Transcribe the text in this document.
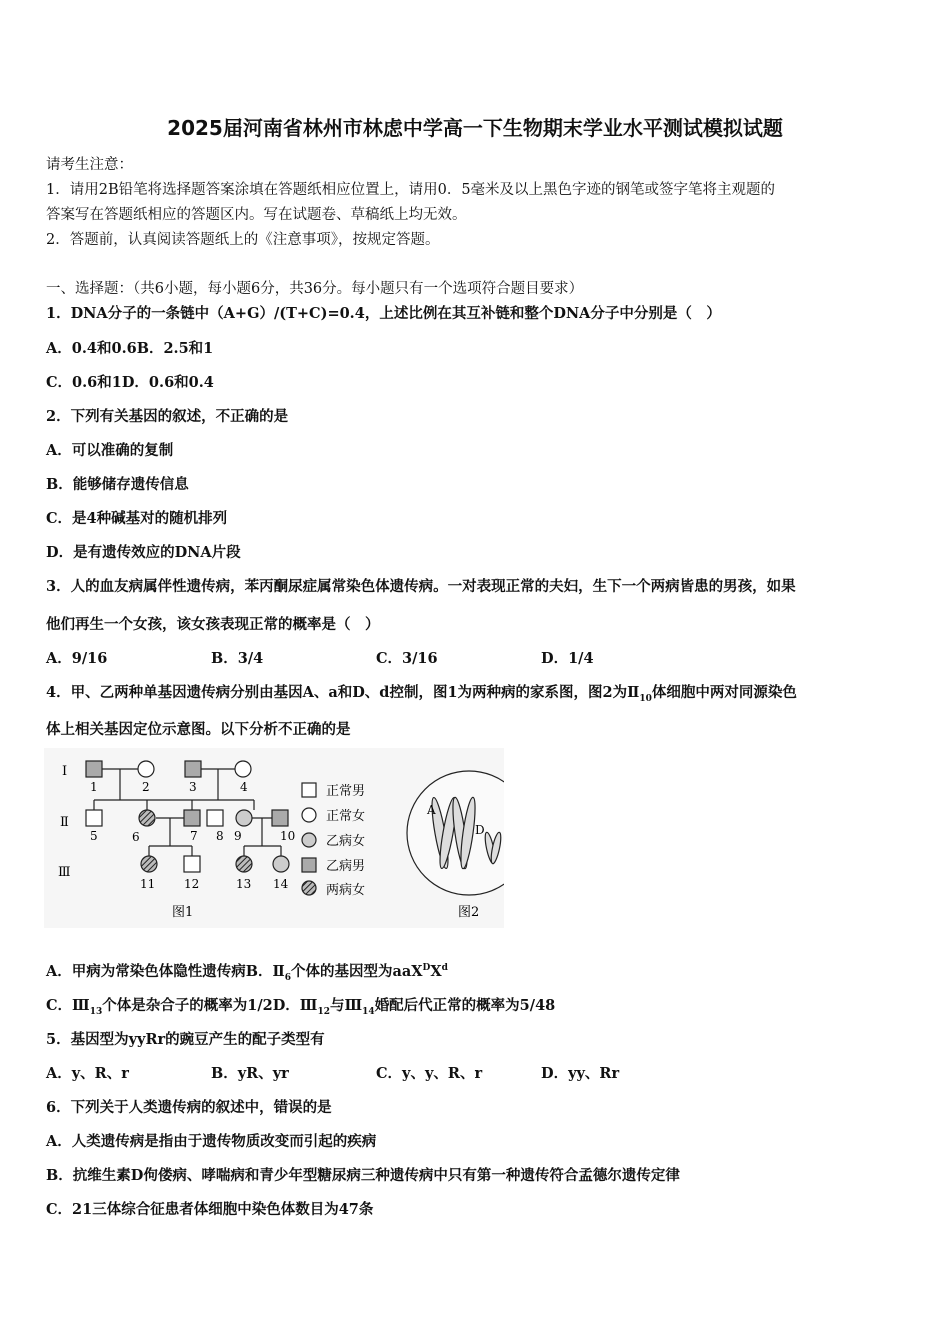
2025届河南省林州市林虑中学高一下生物期末学业水平测试模拟试题
请考生注意：
1．请用2B铅笔将选择题答案涂填在答题纸相应位置上，请用0．5毫米及以上黑色字迹的钢笔或签字笔将主观题的
答案写在答题纸相应的答题区内。写在试题卷、草稿纸上均无效。
2．答题前，认真阅读答题纸上的《注意事项》，按规定答题。
一、选择题：（共6小题，每小题6分，共36分。每小题只有一个选项符合题目要求）
1．DNA分子的一条链中（A+G）/(T+C)=0.4，上述比例在其互补链和整个DNA分子中分别是（　）
A．0.4和0.6B．2.5和1
C．0.6和1D．0.6和0.4
2．下列有关基因的叙述，不正确的是
A．可以准确的复制
B．能够储存遗传信息
C．是4种碱基对的随机排列
D．是有遗传效应的DNA片段
3．人的血友病属伴性遗传病，苯丙酮尿症属常染色体遗传病。一对表现正常的夫妇，生下一个两病皆患的男孩，如果
他们再生一个女孩，该女孩表现正常的概率是（　）
A．9/16	B．3/4	C．3/16	D．1/4
4．甲、乙两种单基因遗传病分别由基因A、a和D、d控制，图1为两种病的家系图，图2为$Ⅱ_{10}$体细胞中两对同源染色
体上相关基因定位示意图。以下分析不正确的是
Ⅰ
Ⅱ
Ⅲ
1	2	3	4
5	6	7 8 9	10
11 12	13 14
正常男
正常女
乙病女
乙病男
两病女
图1
A
D
图2
A．甲病为常染色体隐性遗传病B．$Ⅱ_6$个体的基因型为$aaX^DX^d$
C．$Ⅲ_{13}$个体是杂合子的概率为1/2D．$Ⅲ_{12}$与$Ⅲ_{14}$婚配后代正常的概率为5/48
5．基因型为yyRr的豌豆产生的配子类型有
A．y、R、r	B．yR、yr	C．y、y、R、r	D．yy、Rr
6．下列关于人类遗传病的叙述中，错误的是
A．人类遗传病是指由于遗传物质改变而引起的疾病
B．抗维生素D佝偻病、哮喘病和青少年型糖尿病三种遗传病中只有第一种遗传符合孟德尔遗传定律
C．21三体综合征患者体细胞中染色体数目为47条
